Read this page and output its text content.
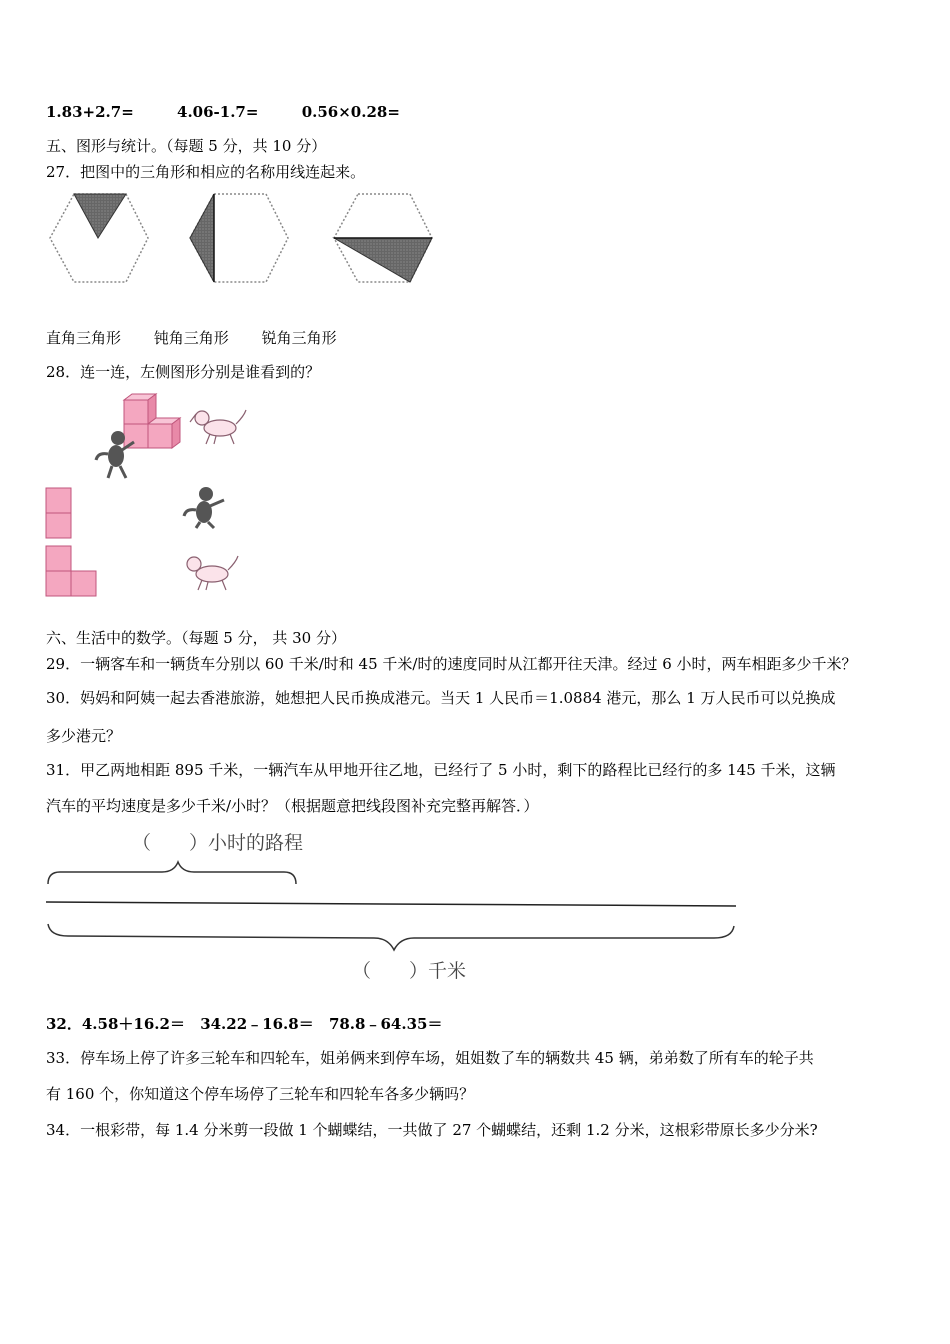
1.83+2.7=	4.06-1.7=	0.56×0.28=
五、图形与统计。（每题 5 分，共 10 分）
27．把图中的三角形和相应的名称用线连起来。
直角三角形 钝角三角形 锐角三角形
28．连一连，左侧图形分别是谁看到的？
六、生活中的数学。（每题 5 分， 共 30 分）
29．一辆客车和一辆货车分别以 60 千米/时和 45 千米/时的速度同时从江都开往天津。经过 6 小时，两车相距多少千米？
30．妈妈和阿姨一起去香港旅游，她想把人民币换成港元。当天 1 人民币＝1.0884 港元，那么 1 万人民币可以兑换成
多少港元？
31．甲乙两地相距 895 千米，一辆汽车从甲地开往乙地，已经行了 5 小时，剩下的路程比已经行的多 145 千米，这辆
汽车的平均速度是多少千米/小时？（根据题意把线段图补充完整再解答．）
（　　）小时的路程
（　　）千米
32．4.58＋16.2＝ 34.22﹣16.8＝ 78.8﹣64.35＝
33．停车场上停了许多三轮车和四轮车，姐弟俩来到停车场，姐姐数了车的辆数共 45 辆，弟弟数了所有车的轮子共
有 160 个，你知道这个停车场停了三轮车和四轮车各多少辆吗？
34．一根彩带，每 1.4 分米剪一段做 1 个蝴蝶结，一共做了 27 个蝴蝶结，还剩 1.2 分米，这根彩带原长多少分米?
